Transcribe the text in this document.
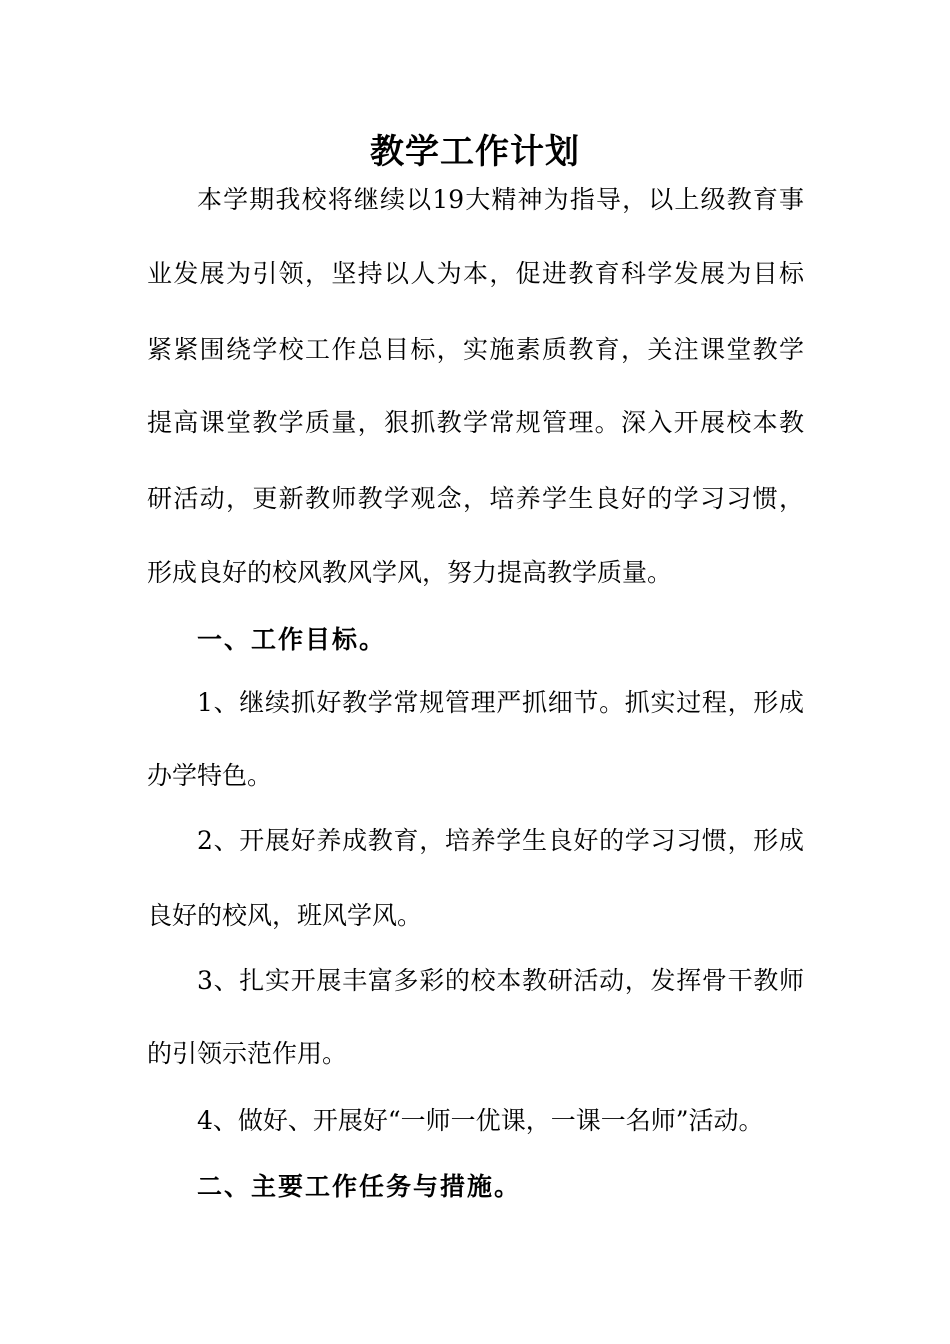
教学工作计划
本学期我校将继续以19大精神为指导，以上级教育事
业发展为引领，坚持以人为本，促进教育科学发展为目标
紧紧围绕学校工作总目标，实施素质教育，关注课堂教学
提高课堂教学质量，狠抓教学常规管理。深入开展校本教
研活动，更新教师教学观念，培养学生良好的学习习惯，
形成良好的校风教风学风，努力提高教学质量。
一、工作目标。
1、继续抓好教学常规管理严抓细节。抓实过程，形成
办学特色。
2、开展好养成教育，培养学生良好的学习习惯，形成
良好的校风，班风学风。
3、扎实开展丰富多彩的校本教研活动，发挥骨干教师
的引领示范作用。
4、做好、开展好“一师一优课，一课一名师”活动。
二、主要工作任务与措施。
